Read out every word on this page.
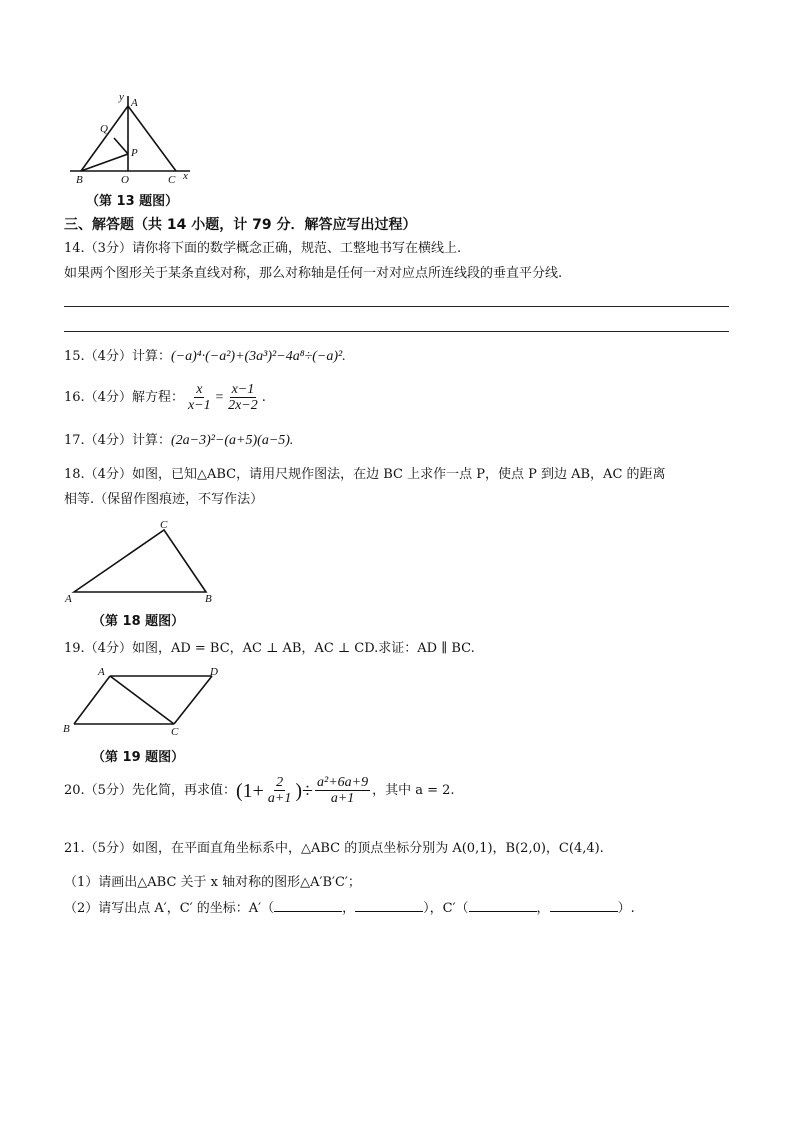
y A
Q
P
B	O	C x
（第 13 题图）
三、解答题（共 14 小题，计 79 分．解答应写出过程）
14.（3分）请你将下面的数学概念正确，规范、工整地书写在横线上.
如果两个图形关于某条直线对称，那么对称轴是任何一对对应点所连线段的垂直平分线.
15.（4分）计算：(−a)⁴·(−a²)+(3a³)²−4a⁸÷(−a)².
16.（4分） 解方程： $\frac{x}{x-1} = \frac{x-1}{2x-2}$ .
17.（4分）计算：(2a−3)²−(a+5)(a−5).
18.（4分）如图，已知△ABC，请用尺规作图法，在边 BC 上求作一点 P，使点 P 到边 AB，AC 的距离
相等.（保留作图痕迹，不写作法）
A	B
C
（第 18 题图）
19.（4分）如图，AD = BC，AC ⊥ AB，AC ⊥ CD.求证：AD ∥ BC.
A	D
B	C
（第 19 题图）
20.（5分） 先化简，再求值： ($1+ \frac{2}{a+1}$ )÷ $\frac{\text{a²+6a+9}}{a+1}$ ，其中 a = 2.
21.（5分）如图，在平面直角坐标系中，△ABC 的顶点坐标分别为 A(0,1)，B(2,0)，C(4,4).
（1）请画出△ABC 关于 x 轴对称的图形△A′B′C′；
（2）请写出点 A′，C′ 的坐标：A′（	，	），C′（	，	）.
